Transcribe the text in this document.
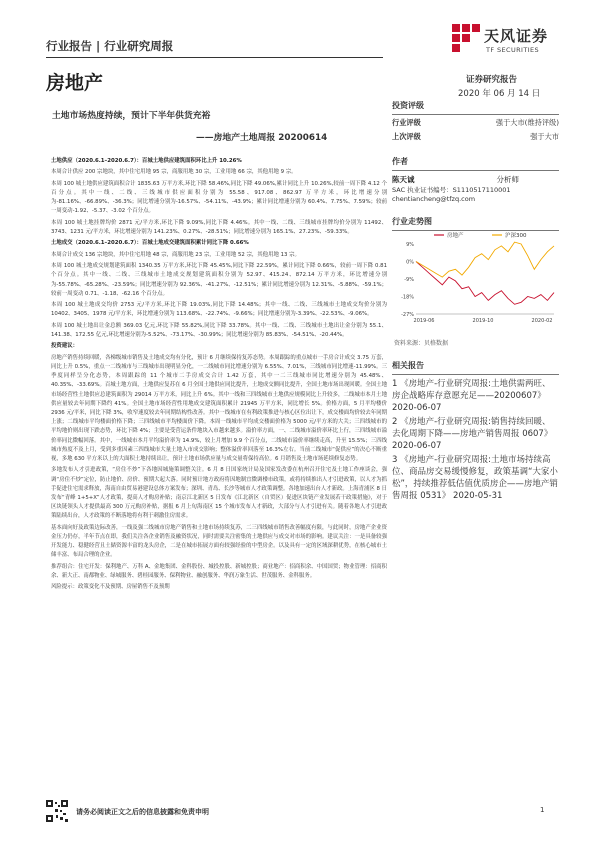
行业报告 | 行业研究周报
天风证券
TF SECURITIES
房地产	证券研究报告
2020 年 06 月 14 日
土地市场热度持续，预计下半年供货充裕
——房地产土地周报 20200614

土地供应（2020.6.1–2020.6.7）：百城土地供应建筑面积环比上升 10.26%

本周合计供应 200 宗地块，其中住宅用地 95 宗，商服用地 30 宗，工业用地 66 宗，其他用地 9 宗。

本周 100 城土地供应建筑面积合计 1835.63 万平方米,环比下降 58.46%,同比下降 49.06%,累计同比上升 10.26%,较前一周下降 4.12 个百分点。其中一线、二线、三线城市供应面积分别为 55.58、917.08、862.97 万平方米，环比增速分别为-81.16%、-66.89%、-36.3%；同比增速分别为-16.57%、-54.11%、-43.9%；累计同比增速分别为 60.4%、7.75%、7.59%；较前一周变动-1.92、-5.37、-3.02 个百分点。

本周 100 城土地挂牌均价 2871 元/平方米,环比下降 9.09%,同比下降 4.46%。其中一线、二线、三线城市挂牌均价分别为 11492、3743、1231 元/平方米，环比增速分别为 141.23%、0.27%、-28.51%；同比增速分别为 165.1%、27.23%、-59.33%。

土地成交（2020.6.1–2020.6.7）：百城土地成交建筑面积累计同比下降 0.66%

本周合计成交 136 宗地块，其中住宅用地 48 宗，商服用地 23 宗，工业用地 52 宗，其他用地 13 宗。

本周 100 城土地成交规划建筑面积 1340.35 万平方米,环比下降 45.45%,同比下降 22.59%，累计同比下降 0.66%，较前一周下降 0.81 个百分点。其中一线、二线、三线城市土地成交规划建筑面积分别为 52.97、415.24、872.14 万平方米，环比增速分别为-55.78%、-65.28%、-23.59%；同比增速分别为 92.36%、-41.27%、-12.51%；累计同比增速分别为 12.31%、-5.88%、-59.1%；较前一周变动 0.71、-1.18、-62.16 个百分点。

本周 100 城土地成交均价 2753 元/平方米,环比下降 19.03%,同比下降 14.48%；其中一线、二线、三线城市土地成交均价分别为 10402、3405、1978 元/平方米，环比增速分别为 113.68%、-22.74%、-9.66%；同比增速分别为-3.39%、-22.53%、-9.06%。

本周 100 城土地出让金总额 369.03 亿元,环比下降 55.82%,同比下降 33.78%。其中一线、二线、三线城市土地出让金分别为 55.1、141.38、172.55 亿元,环比增速分别为-5.52%、-73.17%、-30.99%；同比增速分别为 85.83%、-54.51%、-20.44%。

投资建议：

房地产销售持续回暖，各梯级城市销售及土地成交均有分化，预计 6 月继续保持复苏态势。本周跟踪的重点城市一手房合计成交 3.75 万套，同比上升 0.5%，重点一二线城市与三线城市出现明显分化，一二线城市同比增速分别为 6.55%、7.01%，三线城市同比增速-11.99%。三季度同样呈分化态势，本周跟踪的 11 个城市二手房成交合计 1.42 万套，其中一二三线城市同比增速分别为 45.48%、40.35%、-33.69%。百城土地方面，土地供应复苏在 6 月全国土地供应同比提升，土地成交额同比提升，全国土地市场出现回暖。全国土地市场经营性土地供应总建筑面积为 29014 万平方米，同比上升 6%。其中一线和三四线城市土地供应规模同比上升较多，二线城市本月土地供应量较去年同期下降约 41%。全国土地市场经营性用地成交建筑面积累计 21945 万平方米，同比增长 5%。价格方面，5 月平均楼价 2936 元/平米，同比下降 3%，收窄速度较去年同期结构性改善。其中一线城市在有利政策推进与核心区位出让下，成交楼面均价较去年同期上涨；二线城市平均楼面价格下降；三四线城市平均楼面价下降。本周一线城市平均成交楼面价格为 5000 元/平方米的大关；三四线城市的平均地价则出现下跌态势，环比下降 4%；主要是受营运条件地块入市越来越多。溢价率方面，一、二线城市溢价率环比上行，三四线城市溢价率同比微幅回落。其中，一线城市本月平均溢价率为 14.9%，较上月增加 9.9 个百分点，二线城市溢价率继续走高，升至 15.5%；三四线城市热度不及上月，受到多重因素三四线城市大量土地入市成交影响；整体溢价率回落至 16.3%左右。当前二线城市“促供应”的决心不断重视，多地 630 平方米以上的大面积土地持续出让，预计土地市场供应量与成交量将保持高位。6 月销售及土地市场延续修复态势。

多地发布人才引进政策，“房住不炒”下各地因城施策调整关注。6 月 8 日国家统计局及国家发改委在杭州召开住宅及土地工作座谈会，强调“房住不炒”定位，防止地价、房价、预期大起大落。同时预计地方政府将因地制宜微调楼市政策，或将持续推出人才引进政策，以人才为抓手促进住宅需求释放，海南自由贸易港建设总体方案发布；深圳、青岛、长沙等城市人才政策调整。各地加速出台人才新政。上海青浦区 8 日发布“青峰 1+5+X”人才政策，提高人才购房补贴；南京江北新区 5 日发布《江北新区（自贸区）促进区块链产业发展若干政策措施》，对于区块链领头人才提供最高 300 万元购房补贴，据报 6 月上旬海南区 15 个城市发布人才新政，大部分与人才引进有关。随着各地人才引进政策陆续出台，人才政策的不断落地将有利于刺激住房需求。

基本面向好及政策边际改善，一线及强二线城市房地产销售和土地市场持续复苏，二三四线城市销售改善幅度有限，与此同时，房地产企业资金压力仍存，半年节点在即，我们关注各企业销售及融资状况，同时需要关注密集的土地供应与成交对市场的影响。建议关注：一是具备较强开发能力、稳健经营且土储资源丰富的龙头房企，二是在城市拓展方面有较强经验的中型房企。以及具有一定的区域深耕优势，在核心城市土储丰富、布局合理的企业。

推荐组合：住宅开发：保利地产、万科 A、金地集团、金科股份、城投控股、新城控股；商业地产：招商积余、中国国贸；物业管理：招商积余、新大正、南都物业、绿城服务、碧桂园服务、保利物业、融创服务、华润万象生活、世茂服务、金科服务。

风险提示：政策变化不及预期、房屋销售不及预期

投资评级
行业评级	强于大市(维持评级)
上次评级	强于大市
作者
陈天诚	分析师
SAC 执业证书编号：S1110517110001
chentiancheng@tfzq.com
行业走势图
9%
0%
-9%
-18%
-27%
2019-06	2019-10	2020-02
房地产	沪深300
资料来源：贝格数据
相关报告
1 《房地产-行业研究周报:土地供需两旺、房企战略库存意愿充足——20200607》 2020-06-07
2 《房地产-行业研究周报:销售持续回暖、去化周期下降——房地产销售周报 0607》 2020-06-07
3 《房地产-行业研究周报:土地市场持续高位、商品房交易缓慢修复，政策基调“大家小松”，持续推荐低估值优质房企——房地产销售周报 0531》 2020-05-31
请务必阅读正文之后的信息披露和免责申明	1
